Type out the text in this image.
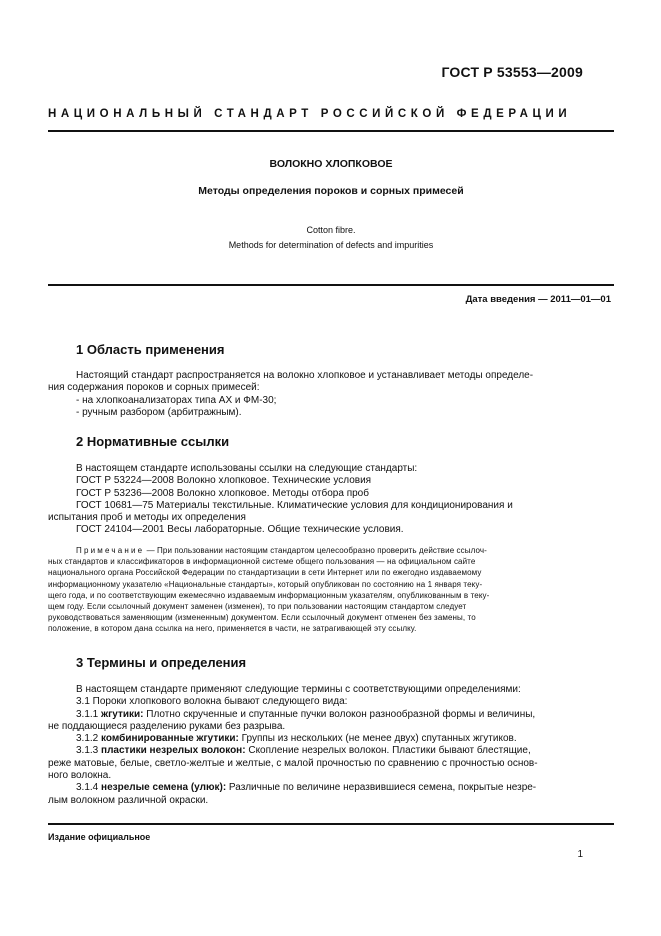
ГОСТ Р 53553—2009
НАЦИОНАЛЬНЫЙ СТАНДАРТ РОССИЙСКОЙ ФЕДЕРАЦИИ
ВОЛОКНО ХЛОПКОВОЕ
Методы определения пороков и сорных примесей
Cotton fibre.
Methods for determination of defects and impurities
Дата введения — 2011—01—01
1 Область применения

Настоящий стандарт распространяется на волокно хлопковое и устанавливает методы определе-

ния содержания пороков и сорных примесей:

- на хлопкоанализаторах типа АХ и ФМ-30;

- ручным разбором (арбитражным).

2 Нормативные ссылки

В настоящем стандарте использованы ссылки на следующие стандарты:

ГОСТ Р 53224—2008 Волокно хлопковое. Технические условия

ГОСТ Р 53236—2008 Волокно хлопковое. Методы отбора проб

ГОСТ 10681—75 Материалы текстильные. Климатические условия для кондиционирования и

испытания проб и методы их определения

ГОСТ 24104—2001 Весы лабораторные. Общие технические условия.

Примечание — При пользовании настоящим стандартом целесообразно проверить действие ссылоч-

ных стандартов и классификаторов в информационной системе общего пользования — на официальном сайте

национального органа Российской Федерации по стандартизации в сети Интернет или по ежегодно издаваемому

информационному указателю «Национальные стандарты», который опубликован по состоянию на 1 января теку-

щего года, и по соответствующим ежемесячно издаваемым информационным указателям, опубликованным в теку-

щем году. Если ссылочный документ заменен (изменен), то при пользовании настоящим стандартом следует

руководствоваться заменяющим (измененным) документом. Если ссылочный документ отменен без замены, то

положение, в котором дана ссылка на него, применяется в части, не затрагивающей эту ссылку.

3 Термины и определения

В настоящем стандарте применяют следующие термины с соответствующими определениями:

3.1 Пороки хлопкового волокна бывают следующего вида:

3.1.1 жгутики: Плотно скрученные и спутанные пучки волокон разнообразной формы и величины,

не поддающиеся разделению руками без разрыва.

3.1.2 комбинированные жгутики: Группы из нескольких (не менее двух) спутанных жгутиков.

3.1.3 пластики незрелых волокон: Скопление незрелых волокон. Пластики бывают блестящие,

реже матовые, белые, светло-желтые и желтые, с малой прочностью по сравнению с прочностью основ-

ного волокна.

3.1.4 незрелые семена (улюк): Различные по величине неразвившиеся семена, покрытые незре-

лым волокном различной окраски.

Издание официальное
1
